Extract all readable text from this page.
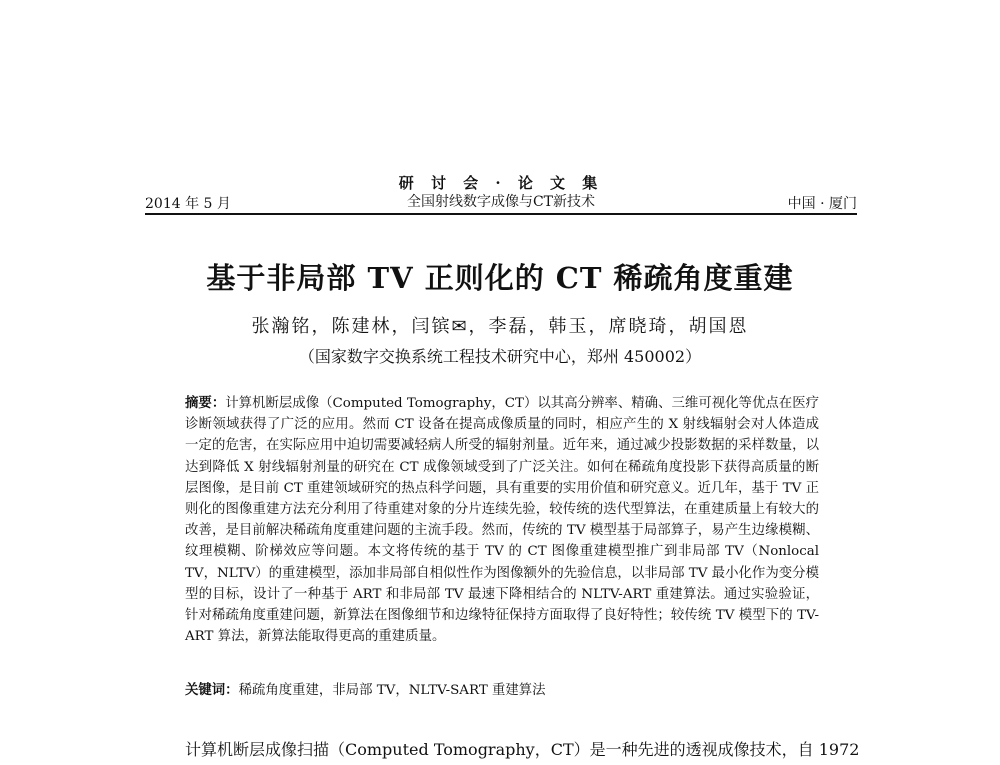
研 讨 会 · 论 文 集
全国射线数字成像与CT新技术
2014 年 5 月	中国 · 厦门
基于非局部 TV 正则化的 CT 稀疏角度重建
张瀚铭，陈建林，闫镔✉，李磊，韩玉，席晓琦，胡国恩
（国家数字交换系统工程技术研究中心，郑州 450002）
摘要：计算机断层成像（Computed Tomography，CT）以其高分辨率、精确、三维可视化等优点在医疗诊断领域获得了广泛的应用。然而 CT 设备在提高成像质量的同时，相应产生的 X 射线辐射会对人体造成一定的危害，在实际应用中迫切需要减轻病人所受的辐射剂量。近年来，通过减少投影数据的采样数量，以达到降低 X 射线辐射剂量的研究在 CT 成像领域受到了广泛关注。如何在稀疏角度投影下获得高质量的断层图像，是目前 CT 重建领域研究的热点科学问题，具有重要的实用价值和研究意义。近几年，基于 TV 正则化的图像重建方法充分利用了待重建对象的分片连续先验，较传统的迭代型算法，在重建质量上有较大的改善，是目前解决稀疏角度重建问题的主流手段。然而，传统的 TV 模型基于局部算子，易产生边缘模糊、纹理模糊、阶梯效应等问题。本文将传统的基于 TV 的 CT 图像重建模型推广到非局部 TV（Nonlocal TV，NLTV）的重建模型，添加非局部自相似性作为图像额外的先验信息，以非局部 TV 最小化作为变分模型的目标，设计了一种基于 ART 和非局部 TV 最速下降相结合的 NLTV-ART 重建算法。通过实验验证，针对稀疏角度重建问题，新算法在图像细节和边缘特征保持方面取得了良好特性；较传统 TV 模型下的 TV-ART 算法，新算法能取得更高的重建质量。
关键词：稀疏角度重建，非局部 TV，NLTV-SART 重建算法
计算机断层成像扫描（Computed Tomography，CT）是一种先进的透视成像技术，自 1972
